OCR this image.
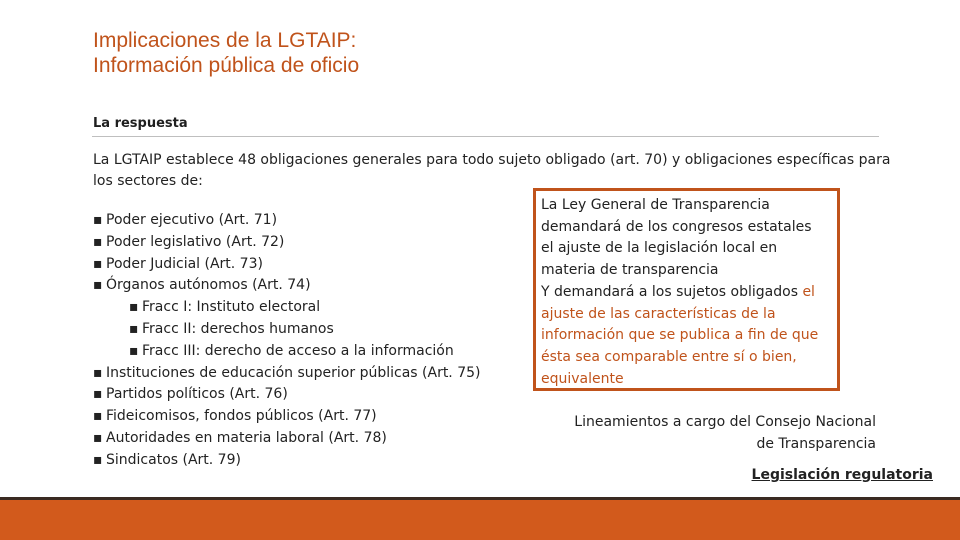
Implicaciones de la LGTAIP:
Información pública de oficio
La respuesta

La LGTAIP establece 48 obligaciones generales para todo sujeto obligado (art. 70) y obligaciones específicas para los sectores de:

▪ Poder ejecutivo (Art. 71)
▪ Poder legislativo (Art. 72)
▪ Poder Judicial (Art. 73)
▪ Órganos autónomos (Art. 74)
▪ Fracc I: Instituto electoral
▪ Fracc II: derechos humanos
▪ Fracc III: derecho de acceso a la información
▪ Instituciones de educación superior públicas (Art. 75)
▪ Partidos políticos (Art. 76)
▪ Fideicomisos, fondos públicos (Art. 77)
▪ Autoridades en materia laboral (Art. 78)
▪ Sindicatos (Art. 79)

La Ley General de Transparencia

demandará de los congresos estatales

el ajuste de la legislación local en

materia de transparencia

Y demandará a los sujetos obligados el

ajuste de las características de la

información que se publica a fin de que

ésta sea comparable entre sí o bien,

equivalente

Lineamientos a cargo del Consejo Nacional
de Transparencia
Legislación regulatoria
